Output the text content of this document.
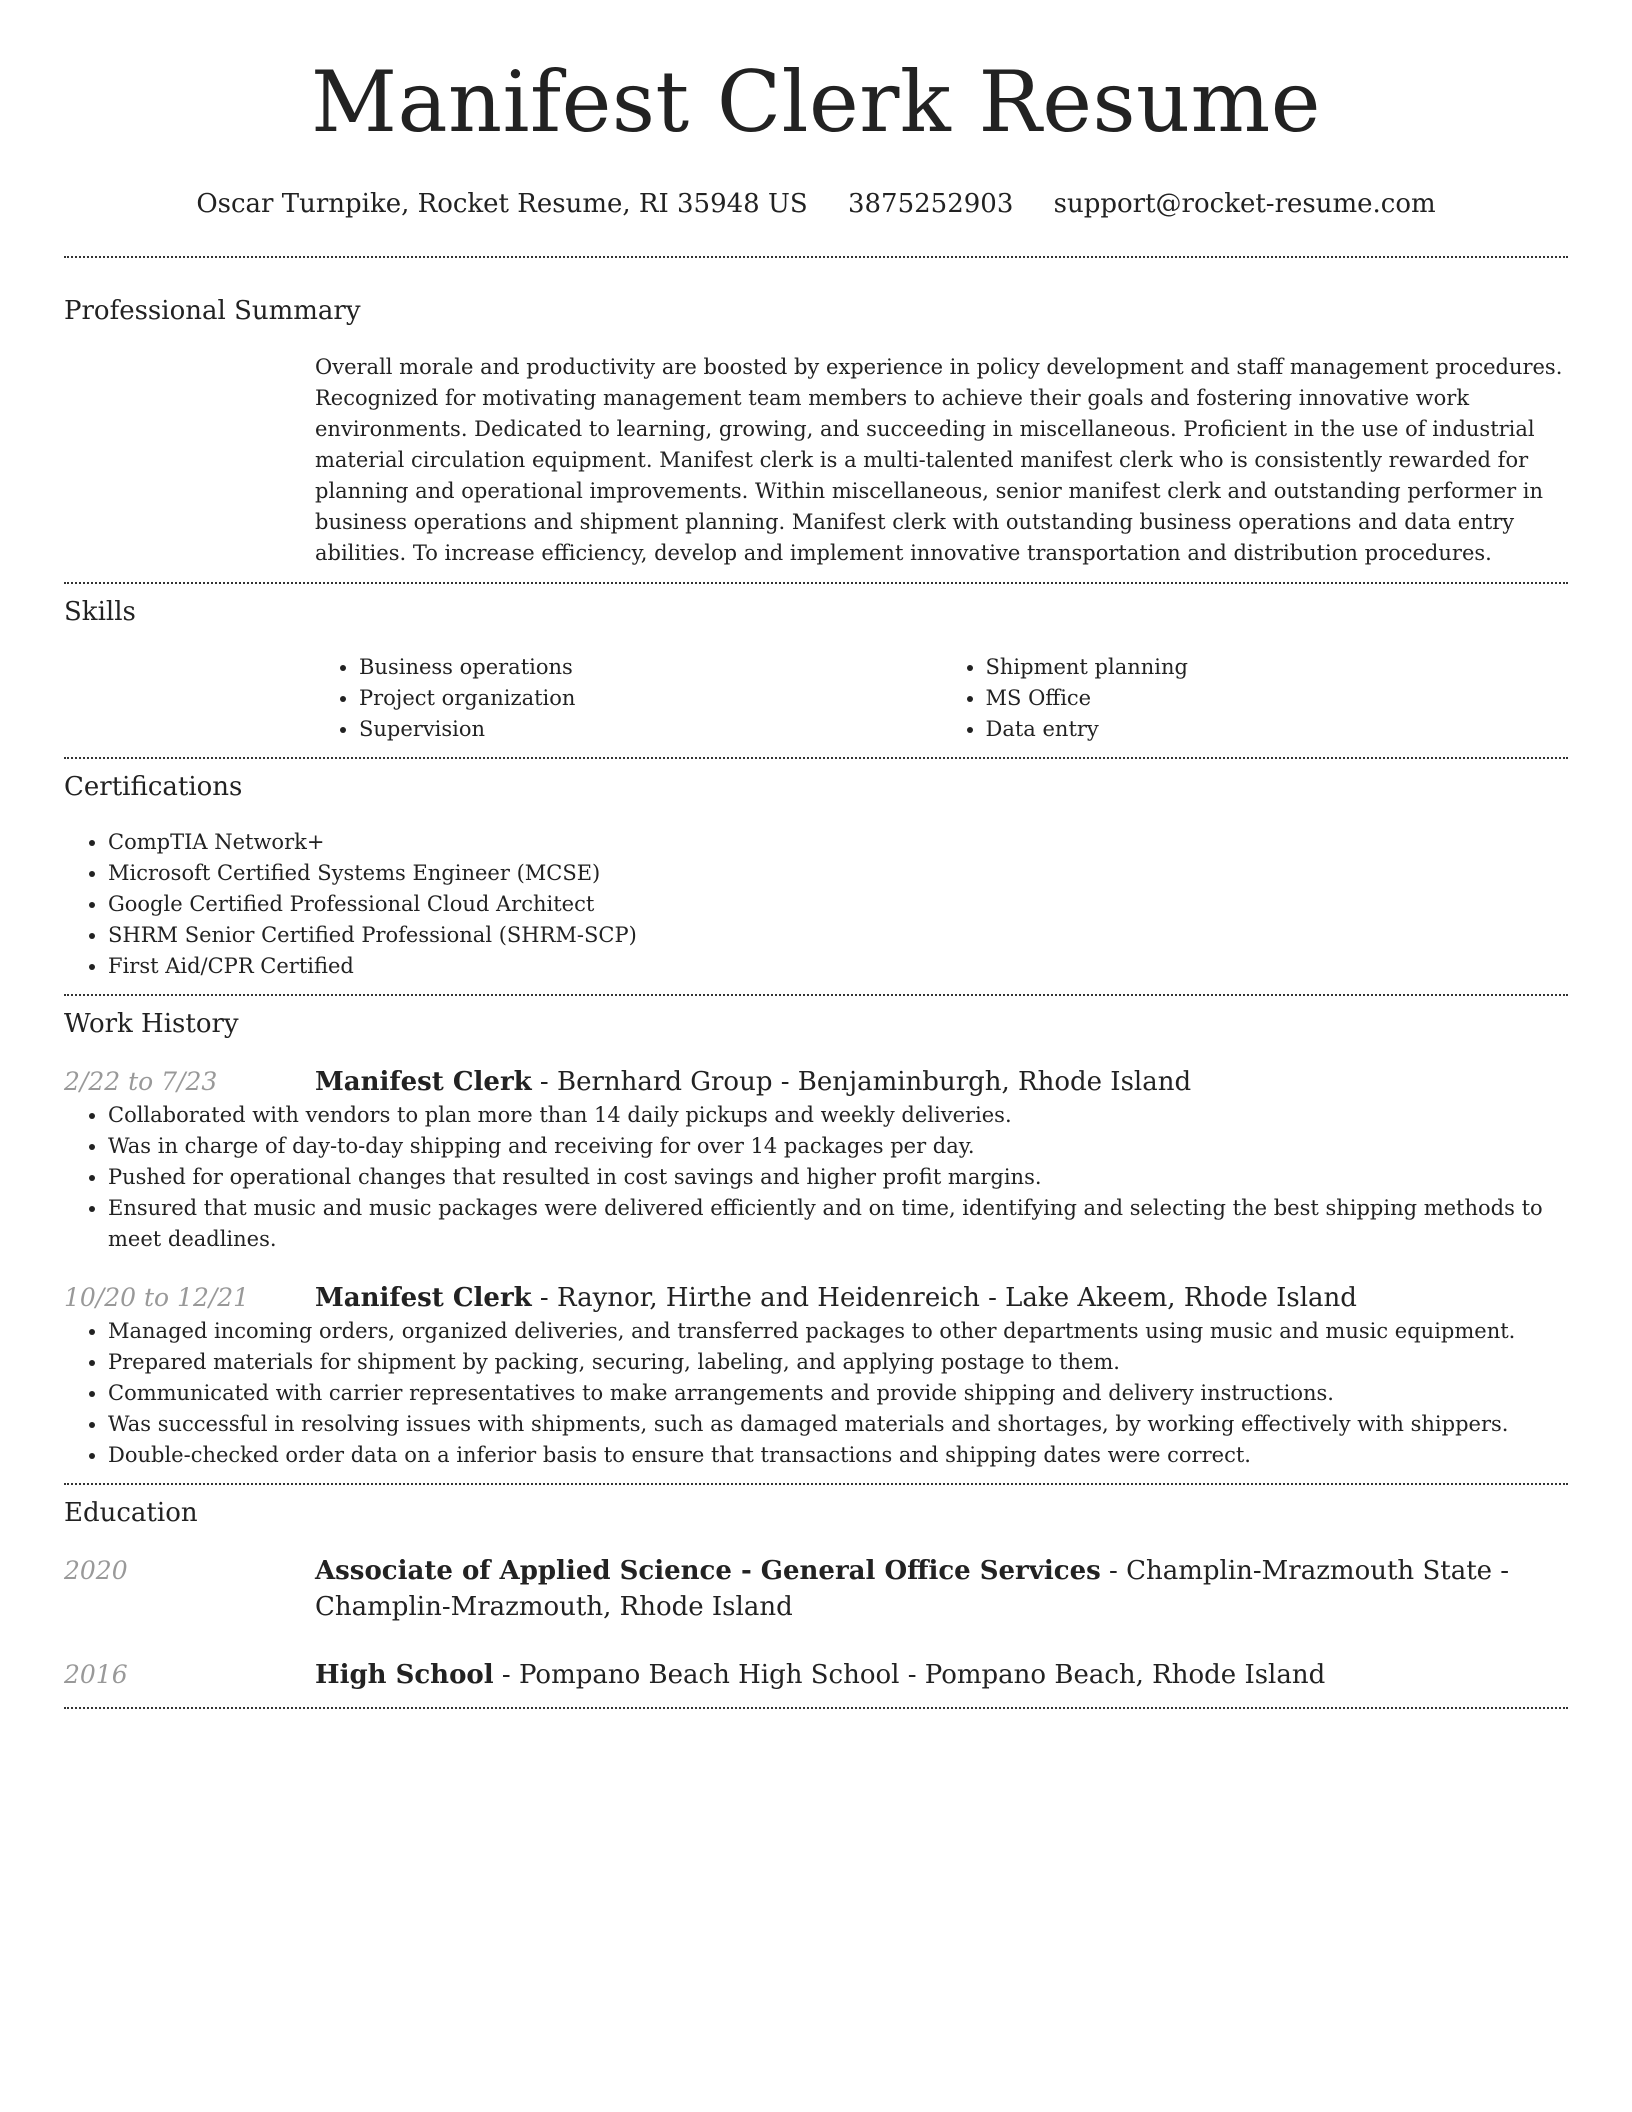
Manifest Clerk Resume
Oscar Turnpike, Rocket Resume, RI 35948 US 3875252903 support@rocket-resume.com
Professional Summary
Overall morale and productivity are boosted by experience in policy development and staff management procedures. Recognized for motivating management team members to achieve their goals and fostering innovative work environments. Dedicated to learning, growing, and succeeding in miscellaneous. Proficient in the use of industrial material circulation equipment. Manifest clerk is a multi-talented manifest clerk who is consistently rewarded for planning and operational improvements. Within miscellaneous, senior manifest clerk and outstanding performer in business operations and shipment planning. Manifest clerk with outstanding business operations and data entry abilities. To increase efficiency, develop and implement innovative transportation and distribution procedures.
Skills
• Business operations
• Project organization
• Supervision
• Shipment planning
• MS Office
• Data entry
Certifications
• CompTIA Network+
• Microsoft Certified Systems Engineer (MCSE)
• Google Certified Professional Cloud Architect
• SHRM Senior Certified Professional (SHRM-SCP)
• First Aid/CPR Certified
Work History
2/22 to 7/23	Manifest Clerk - Bernhard Group - Benjaminburgh, Rhode Island
• Collaborated with vendors to plan more than 14 daily pickups and weekly deliveries.
• Was in charge of day-to-day shipping and receiving for over 14 packages per day.
• Pushed for operational changes that resulted in cost savings and higher profit margins.
• Ensured that music and music packages were delivered efficiently and on time, identifying and selecting the best shipping methods to meet deadlines.
10/20 to 12/21	Manifest Clerk - Raynor, Hirthe and Heidenreich - Lake Akeem, Rhode Island
• Managed incoming orders, organized deliveries, and transferred packages to other departments using music and music equipment.
• Prepared materials for shipment by packing, securing, labeling, and applying postage to them.
• Communicated with carrier representatives to make arrangements and provide shipping and delivery instructions.
• Was successful in resolving issues with shipments, such as damaged materials and shortages, by working effectively with shippers.
• Double-checked order data on a inferior basis to ensure that transactions and shipping dates were correct.
Education
2020	Associate of Applied Science - General Office Services - Champlin-Mrazmouth State - Champlin-Mrazmouth, Rhode Island
2016	High School - Pompano Beach High School - Pompano Beach, Rhode Island
